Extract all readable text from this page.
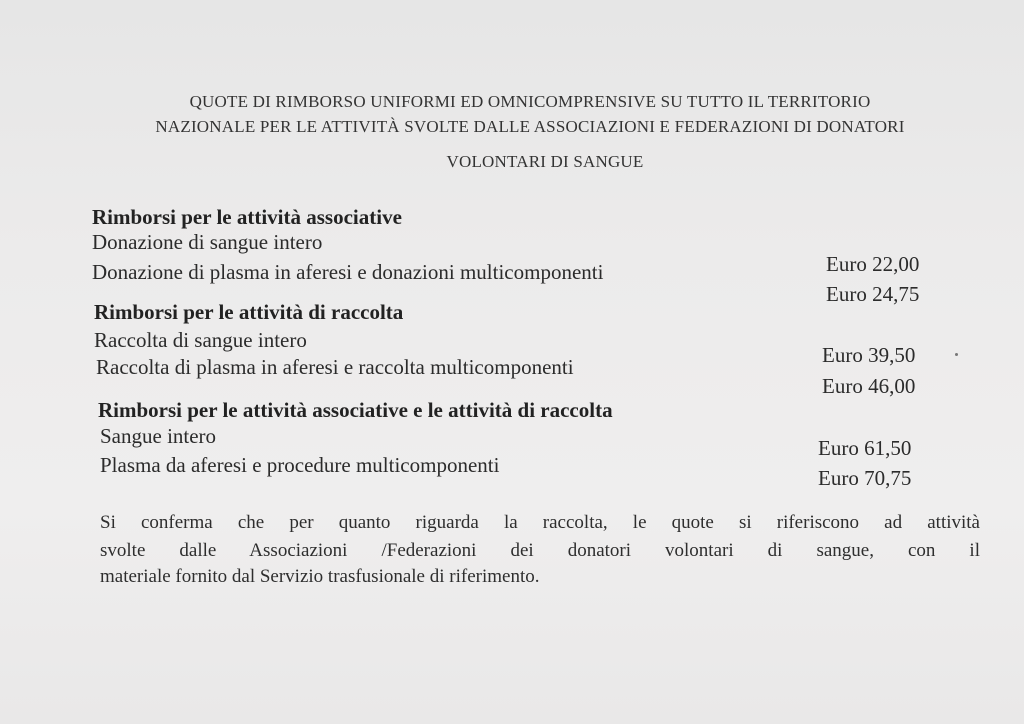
QUOTE DI RIMBORSO UNIFORMI ED OMNICOMPRENSIVE SU TUTTO IL TERRITORIO
NAZIONALE PER LE ATTIVITÀ SVOLTE DALLE ASSOCIAZIONI E FEDERAZIONI DI DONATORI
VOLONTARI DI SANGUE
Rimborsi per le attività associative
Donazione di sangue intero
Euro 22,00
Donazione di plasma in aferesi e donazioni multicomponenti
Euro 24,75
Rimborsi per le attività di raccolta
Raccolta di sangue intero
Euro 39,50
Raccolta di plasma in aferesi e raccolta multicomponenti
Euro 46,00
Rimborsi per le attività associative e le attività di raccolta
Sangue intero	Euro 61,50
Plasma da aferesi e procedure multicomponenti
Euro 70,75
Si conferma che per quanto riguarda la raccolta, le quote si riferiscono ad attività
svolte dalle Associazioni /Federazioni dei donatori volontari di sangue, con il
materiale fornito dal Servizio trasfusionale di riferimento.
